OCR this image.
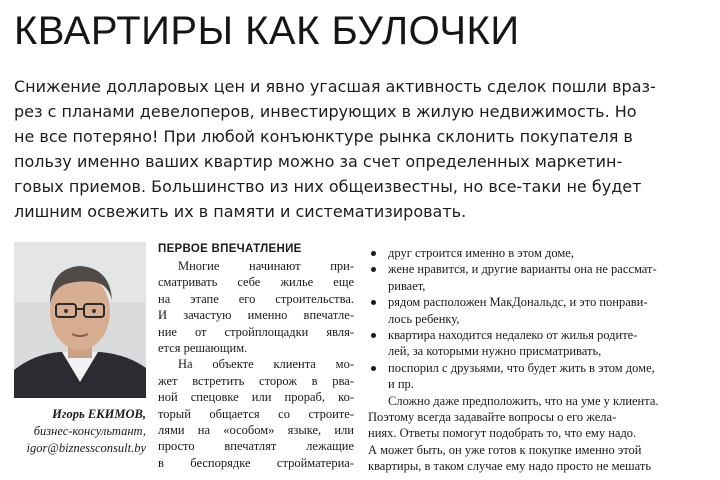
КВАРТИРЫ КАК БУЛОЧКИ
Снижение долларовых цен и явно угасшая активность сделок пошли враз-
рез с планами девелоперов, инвестирующих в жилую недвижимость. Но
не все потеряно! При любой конъюнктуре рынка склонить покупателя в
пользу именно ваших квартир можно за счет определенных маркетин-
говых приемов. Большинство из них общеизвестны, но все-таки не будет
лишним освежить их в памяти и систематизировать.
Игорь ЕКИМОВ,
бизнес-консультант,
igor@biznessconsult.by
ПЕРВОЕ ВПЕЧАТЛЕНИЕ
Многие начинают при-
сматривать себе жилье еще
на этапе его строительства.
И зачастую именно впечатле-
ние от стройплощадки явля-
ется решающим.
На объекте клиента мо-
жет встретить сторож в рва-
ной спецовке или прораб, ко-
торый общается со строите-
лями на «особом» языке, или
просто впечатлят лежащие
в беспорядке стройматериа-
друг строится именно в этом доме,
жене нравится, и другие варианты она не рассмат-
ривает,
рядом расположен МакДональдс, и это понрави-
лось ребенку,
квартира находится недалеко от жилья родите-
лей, за которыми нужно присматривать,
поспорил с друзьями, что будет жить в этом доме,
и пр.
Сложно даже предположить, что на уме у клиента.
Поэтому всегда задавайте вопросы о его жела-
ниях. Ответы помогут подобрать то, что ему надо.
А может быть, он уже готов к покупке именно этой
квартиры, в таком случае ему надо просто не мешать
